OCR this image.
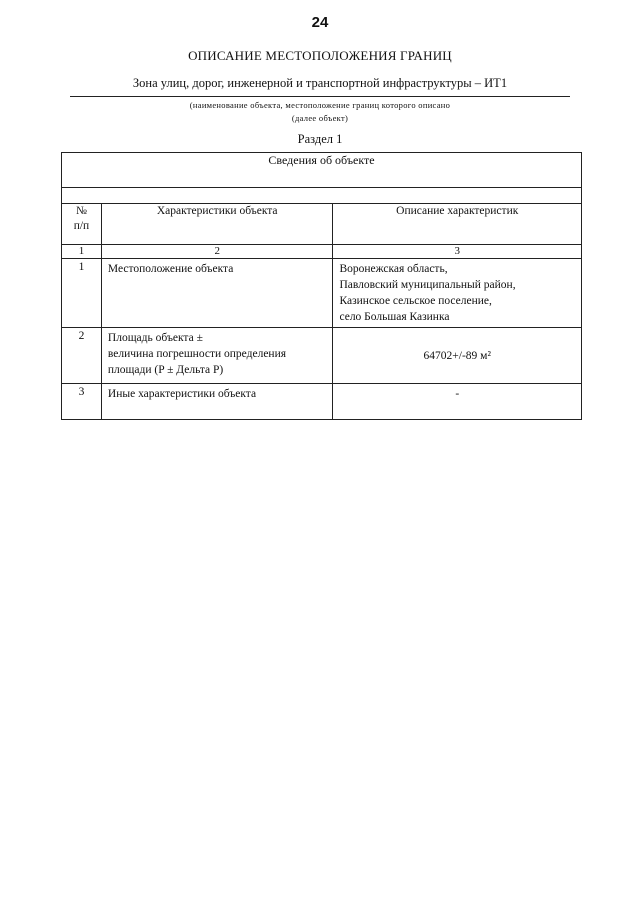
24
ОПИСАНИЕ МЕСТОПОЛОЖЕНИЯ ГРАНИЦ
Зона улиц, дорог, инженерной и транспортной инфраструктуры – ИТ1
(наименование объекта, местоположение границ которого описано
(далее объект)
Раздел 1
Сведения об объекте		

№
п/п	Характеристики объекта	Описание характеристик
1	2	3
1	Местоположение объекта	Воронежская область,
Павловский муниципальный район,
Казинское сельское поселение,
село Большая Казинка

2	Площадь объекта ±
величина погрешности определения
площади (P ± Дельта P)	64702+/-89 м²

3	Иные характеристики объекта	-
